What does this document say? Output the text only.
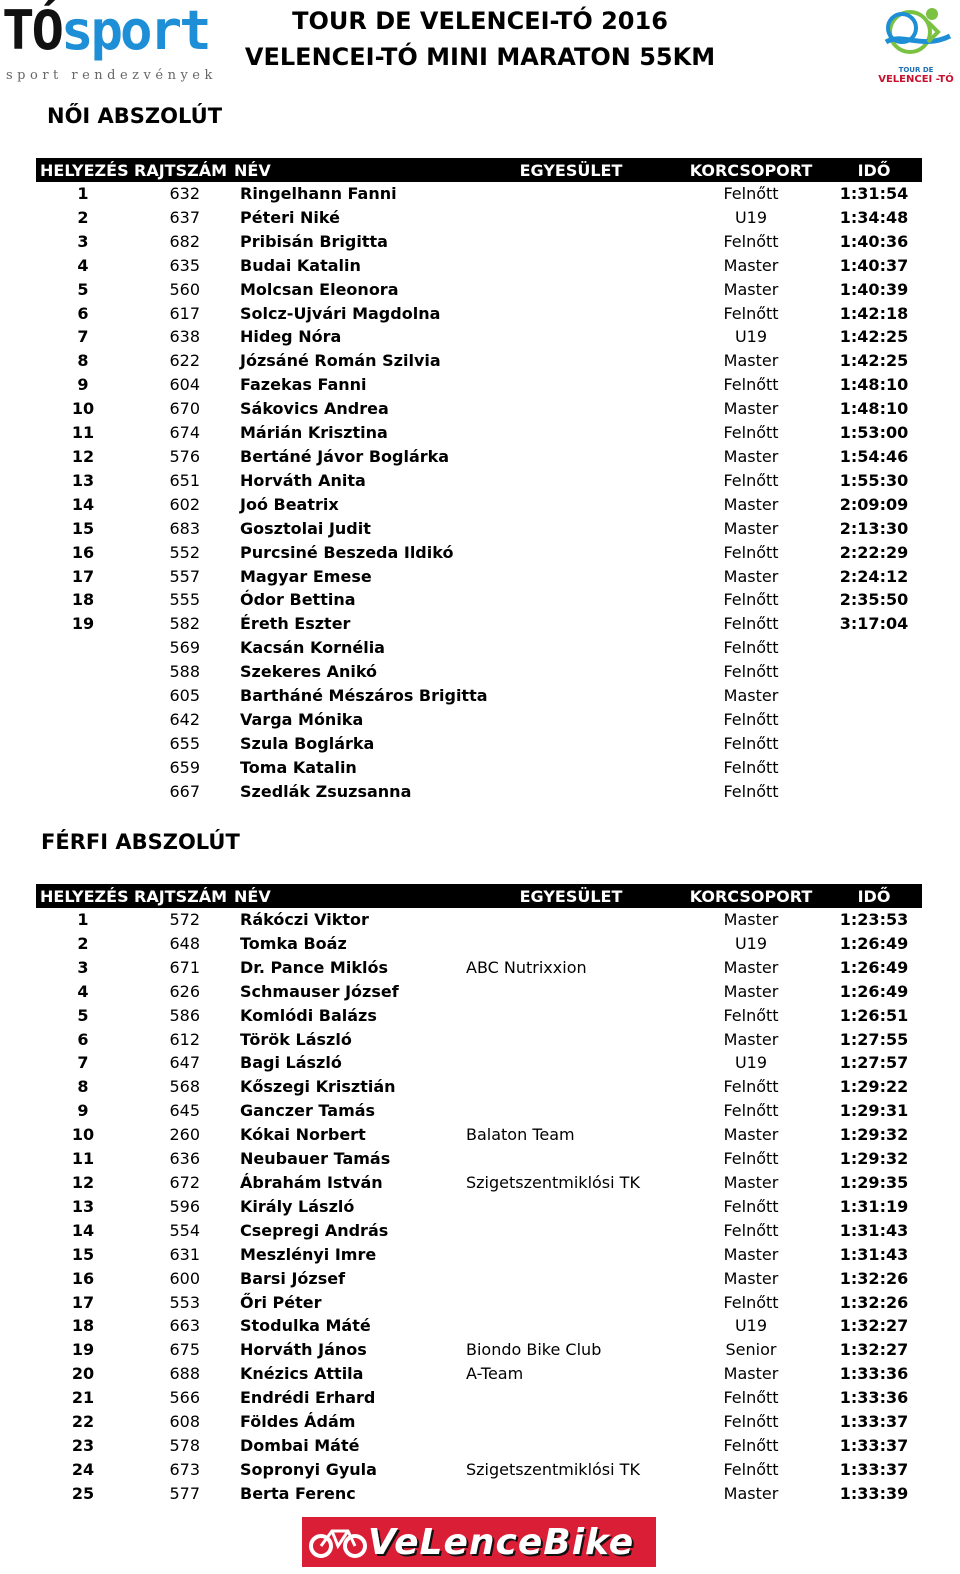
TÓsport
sport rendezvények
TOUR DE VELENCEI-TÓ 2016
VELENCEI-TÓ MINI MARATON 55KM	TOUR DE
VELENCEI -TÓ
NŐI ABSZOLÚT
HELYEZÉS	RAJTSZÁM	NÉV	EGYESÜLET	KORCSOPORT	IDŐ
1	632	Ringelhann Fanni		Felnőtt	1:31:54
2	637	Péteri Niké		U19	1:34:48
3	682	Pribisán Brigitta		Felnőtt	1:40:36
4	635	Budai Katalin		Master	1:40:37
5	560	Molcsan Eleonora		Master	1:40:39
6	617	Solcz-Ujvári Magdolna		Felnőtt	1:42:18
7	638	Hideg Nóra		U19	1:42:25
8	622	Józsáné Román Szilvia		Master	1:42:25
9	604	Fazekas Fanni		Felnőtt	1:48:10
10	670	Sákovics Andrea		Master	1:48:10
11	674	Márián Krisztina		Felnőtt	1:53:00
12	576	Bertáné Jávor Boglárka		Master	1:54:46
13	651	Horváth Anita		Felnőtt	1:55:30
14	602	Joó Beatrix		Master	2:09:09
15	683	Gosztolai Judit		Master	2:13:30
16	552	Purcsiné Beszeda Ildikó		Felnőtt	2:22:29
17	557	Magyar Emese		Master	2:24:12
18	555	Ódor Bettina		Felnőtt	2:35:50
19	582	Éreth Eszter		Felnőtt	3:17:04
	569	Kacsán Kornélia		Felnőtt	
	588	Szekeres Anikó		Felnőtt	
	605	Bartháné Mészáros Brigitta		Master	
	642	Varga Mónika		Felnőtt	
	655	Szula Boglárka		Felnőtt	
	659	Toma Katalin		Felnőtt	
	667	Szedlák Zsuzsanna		Felnőtt	
FÉRFI ABSZOLÚT
HELYEZÉS	RAJTSZÁM	NÉV	EGYESÜLET	KORCSOPORT	IDŐ
1	572	Rákóczi Viktor		Master	1:23:53
2	648	Tomka Boáz		U19	1:26:49
3	671	Dr. Pance Miklós	ABC Nutrixxion	Master	1:26:49
4	626	Schmauser József		Master	1:26:49
5	586	Komlódi Balázs		Felnőtt	1:26:51
6	612	Török László		Master	1:27:55
7	647	Bagi László		U19	1:27:57
8	568	Kőszegi Krisztián		Felnőtt	1:29:22
9	645	Ganczer Tamás		Felnőtt	1:29:31
10	260	Kókai Norbert	Balaton Team	Master	1:29:32
11	636	Neubauer Tamás		Felnőtt	1:29:32
12	672	Ábrahám István	Szigetszentmiklósi TK	Master	1:29:35
13	596	Király László		Felnőtt	1:31:19
14	554	Csepregi András		Felnőtt	1:31:43
15	631	Meszlényi Imre		Master	1:31:43
16	600	Barsi József		Master	1:32:26
17	553	Őri Péter		Felnőtt	1:32:26
18	663	Stodulka Máté		U19	1:32:27
19	675	Horváth János	Biondo Bike Club	Senior	1:32:27
20	688	Knézics Attila	A-Team	Master	1:33:36
21	566	Endrédi Erhard		Felnőtt	1:33:36
22	608	Földes Ádám		Felnőtt	1:33:37
23	578	Dombai Máté		Felnőtt	1:33:37
24	673	Sopronyi Gyula	Szigetszentmiklósi TK	Felnőtt	1:33:37
25	577	Berta Ferenc		Master	1:33:39
VeLenceBike
